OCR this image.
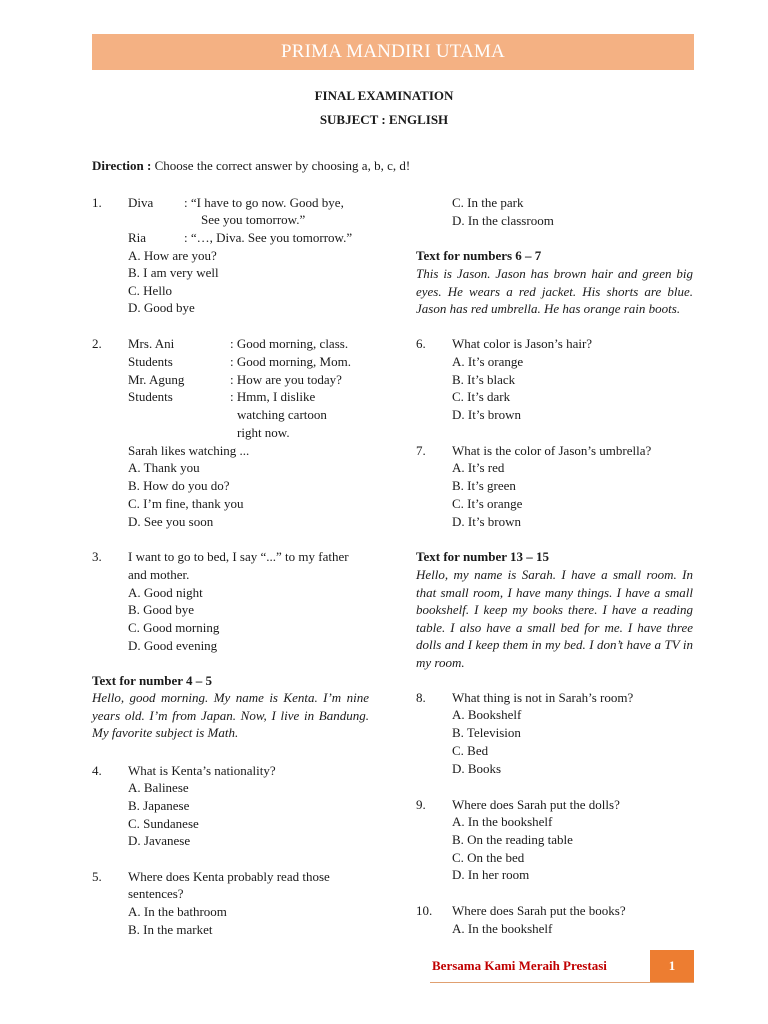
PRIMA MANDIRI UTAMA
FINAL EXAMINATION
SUBJECT : ENGLISH
Direction : Choose the correct answer by choosing a, b, c, d!
1. Diva : “I have to go now. Good bye,
See you tomorrow.”
Ria	: “…, Diva. See you tomorrow.”
A. How are you?
B. I am very well
C. Hello
D. Good bye
2. Mrs. Ani	: Good morning, class.
Students	: Good morning, Mom.
Mr. Agung	: How are you today?
Students	: Hmm, I dislike
watching cartoon
right now.
Sarah likes watching ...
A. Thank you
B. How do you do?
C. I’m fine, thank you
D. See you soon
3. I want to go to bed, I say “...” to my father
and mother.
A. Good night
B. Good bye
C. Good morning
D. Good evening
Text for number 4 – 5
Hello, good morning. My name is Kenta. I’m nine years old. I’m from Japan. Now, I live in Bandung. My favorite subject is Math.
4. What is Kenta’s nationality?
A. Balinese
B. Japanese
C. Sundanese
D. Javanese
5. Where does Kenta probably read those
sentences?
A. In the bathroom
B. In the market
C. In the park
D. In the classroom
Text for numbers 6 – 7
This is Jason. Jason has brown hair and green big eyes. He wears a red jacket. His shorts are blue. Jason has red umbrella. He has orange rain boots.
6. What color is Jason’s hair?
A. It’s orange
B. It’s black
C. It’s dark
D. It’s brown
7. What is the color of Jason’s umbrella?
A. It’s red
B. It’s green
C. It’s orange
D. It’s brown
Text for number 13 – 15
Hello, my name is Sarah. I have a small room. In that small room, I have many things. I have a small bookshelf. I keep my books there. I have a reading table. I also have a small bed for me. I have three dolls and I keep them in my bed. I don’t have a TV in my room.
8. What thing is not in Sarah’s room?
A. Bookshelf
B. Television
C. Bed
D. Books
9. Where does Sarah put the dolls?
A. In the bookshelf
B. On the reading table
C. On the bed
D. In her room
10. Where does Sarah put the books?
A. In the bookshelf
Bersama Kami Meraih Prestasi	1
